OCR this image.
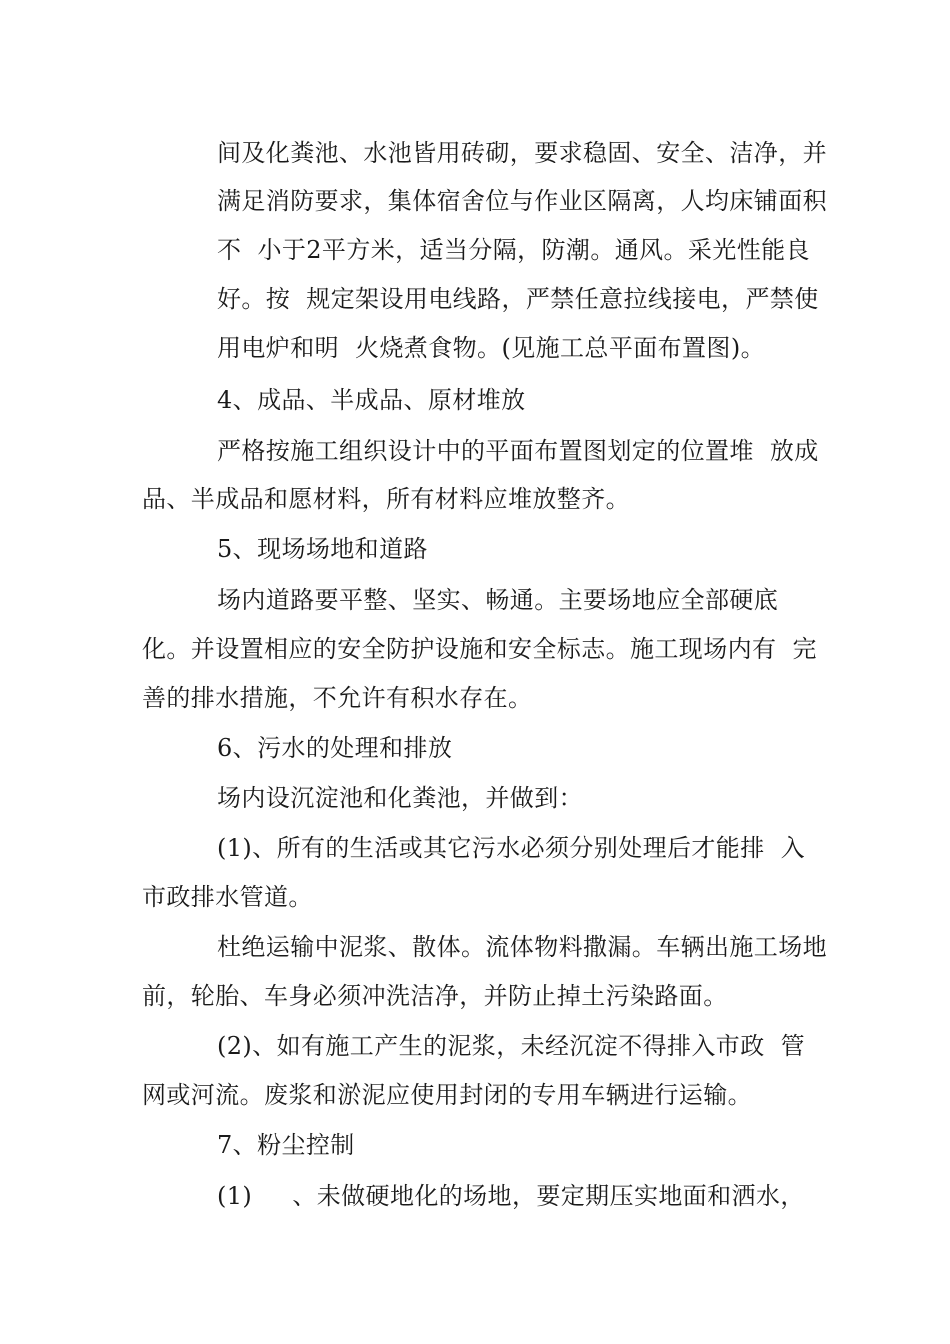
间及化粪池、水池皆用砖砌，要求稳固、安全、洁净，并
满足消防要求，集体宿舍位与作业区隔离，人均床铺面积
不  小于2平方米，适当分隔，防潮。通风。采光性能良
好。按  规定架设用电线路，严禁任意拉线接电，严禁使
用电炉和明  火烧煮食物。(见施工总平面布置图)。
4、成品、半成品、原材堆放
严格按施工组织设计中的平面布置图划定的位置堆  放成
品、半成品和愿材料，所有材料应堆放整齐。
5、现场场地和道路
场内道路要平整、坚实、畅通。主要场地应全部硬底
化。并设置相应的安全防护设施和安全标志。施工现场内有  完
善的排水措施，不允许有积水存在。
6、污水的处理和排放
场内设沉淀池和化粪池，并做到：
(1)、所有的生活或其它污水必须分别处理后才能排  入
市政排水管道。
杜绝运输中泥浆、散体。流体物料撒漏。车辆出施工场地
前，轮胎、车身必须冲洗洁净，并防止掉土污染路面。
(2)、如有施工产生的泥浆，未经沉淀不得排入市政  管
网或河流。废浆和淤泥应使用封闭的专用车辆进行运输。
7、粉尘控制
(1)     、未做硬地化的场地，要定期压实地面和洒水，
